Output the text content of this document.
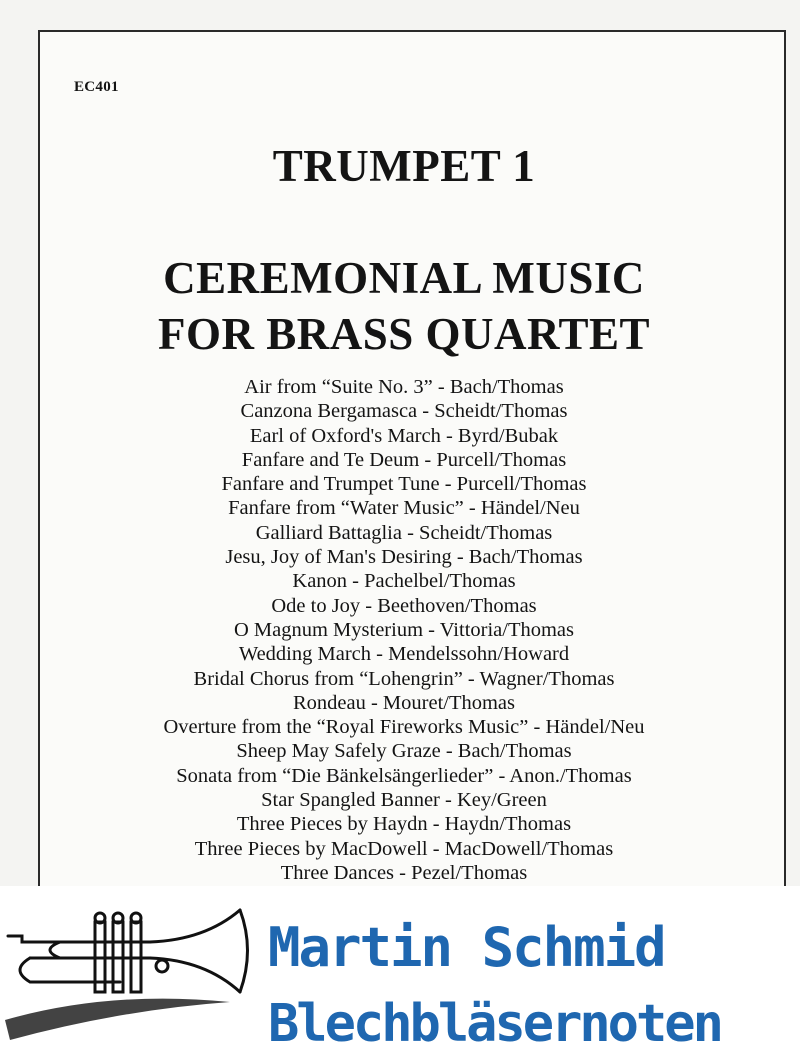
EC401
TRUMPET 1
CEREMONIAL MUSIC
FOR BRASS QUARTET
Air from “Suite No. 3” - Bach/Thomas
Canzona Bergamasca - Scheidt/Thomas
Earl of Oxford's March - Byrd/Bubak
Fanfare and Te Deum - Purcell/Thomas
Fanfare and Trumpet Tune - Purcell/Thomas
Fanfare from “Water Music” - Händel/Neu
Galliard Battaglia - Scheidt/Thomas
Jesu, Joy of Man's Desiring - Bach/Thomas
Kanon - Pachelbel/Thomas
Ode to Joy - Beethoven/Thomas
O Magnum Mysterium - Vittoria/Thomas
Wedding March - Mendelssohn/Howard
Bridal Chorus from “Lohengrin” - Wagner/Thomas
Rondeau - Mouret/Thomas
Overture from the “Royal Fireworks Music” - Händel/Neu
Sheep May Safely Graze - Bach/Thomas
Sonata from “Die Bänkelsängerlieder” - Anon./Thomas
Star Spangled Banner - Key/Green
Three Pieces by Haydn - Haydn/Thomas
Three Pieces by MacDowell - MacDowell/Thomas
Three Dances - Pezel/Thomas
Martin Schmid
Blechbläsernoten
